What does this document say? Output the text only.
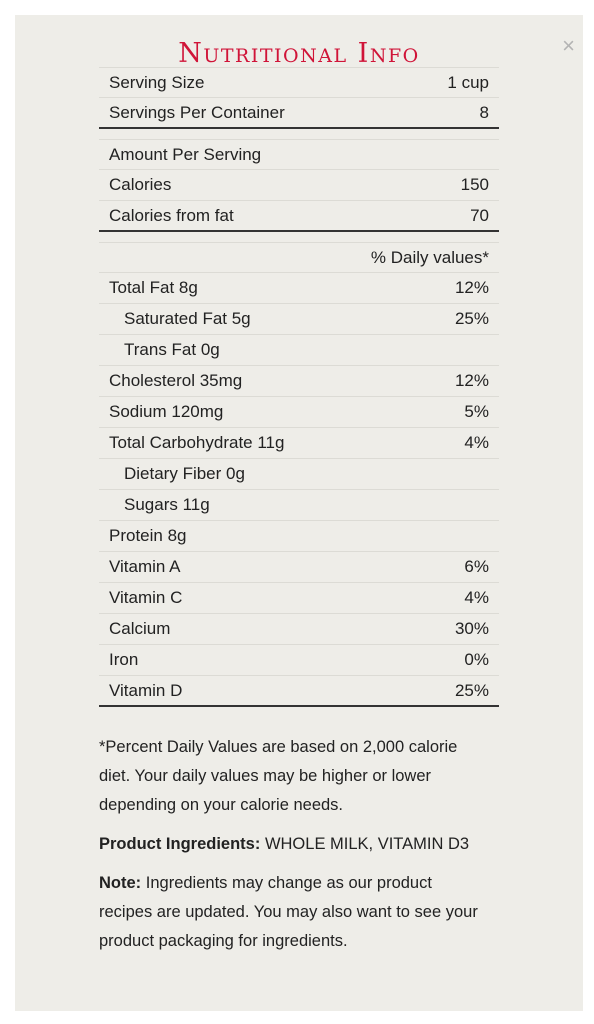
Nutritional Info	×
Serving Size	1 cup
Servings Per Container	8
Amount Per Serving
Calories	150
Calories from fat	70
% Daily values*
Total Fat 8g	12%
Saturated Fat 5g	25%
Trans Fat 0g
Cholesterol 35mg	12%
Sodium 120mg	5%
Total Carbohydrate 11g	4%
Dietary Fiber 0g
Sugars 11g
Protein 8g
Vitamin A	6%
Vitamin C	4%
Calcium	30%
Iron	0%
Vitamin D	25%

*Percent Daily Values are based on 2,000 calorie diet. Your daily values may be higher or lower depending on your calorie needs.

Product Ingredients: WHOLE MILK, VITAMIN D3

Note: Ingredients may change as our product recipes are updated. You may also want to see your product packaging for ingredients.
